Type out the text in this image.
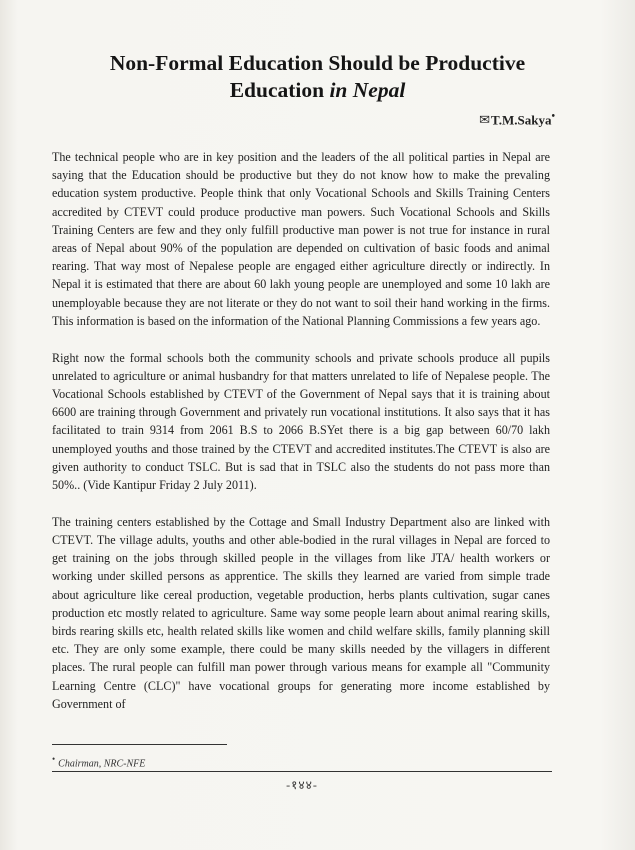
Non-Formal Education Should be Productive
Education in Nepal
✉T.M.Sakya•

The technical people who are in key position and the leaders of the all political parties in Nepal are saying that the Education should be productive but they do not know how to make the prevaling education system productive. People think that only Vocational Schools and Skills Training Centers accredited by CTEVT could produce productive man powers. Such Vocational Schools and Skills Training Centers are few and they only fulfill productive man power is not true for instance in rural areas of Nepal about 90% of the population are depended on cultivation of basic foods and animal rearing. That way most of Nepalese people are engaged either agriculture directly or indirectly. In Nepal it is estimated that there are about 60 lakh young people are unemployed and some 10 lakh are unemployable because they are not literate or they do not want to soil their hand working in the firms. This information is based on the information of the National Planning Commissions a few years ago.

Right now the formal schools both the community schools and private schools produce all pupils unrelated to agriculture or animal husbandry for that matters unrelated to life of Nepalese people. The Vocational Schools established by CTEVT of the Government of Nepal says that it is training about 6600 are training through Government and privately run vocational institutions. It also says that it has facilitated to train 9314 from 2061 B.S to 2066 B.SYet there is a big gap between 60/70 lakh unemployed youths and those trained by the CTEVT and accredited institutes.The CTEVT is also are given authority to conduct TSLC. But is sad that in TSLC also the students do not pass more than 50%.. (Vide Kantipur Friday 2 July 2011).

The training centers established by the Cottage and Small Industry Department also are linked with CTEVT. The village adults, youths and other able-bodied in the rural villages in Nepal are forced to get training on the jobs through skilled people in the villages from like JTA/ health workers or working under skilled persons as apprentice. The skills they learned are varied from simple trade about agriculture like cereal production, vegetable production, herbs plants cultivation, sugar canes production etc mostly related to agriculture. Same way some people learn about animal rearing skills, birds rearing skills etc, health related skills like women and child welfare skills, family planning skill etc. They are only some example, there could be many skills needed by the villagers in different places. The rural people can fulfill man power through various means for example all "Community Learning Centre (CLC)" have vocational groups for generating more income established by Government of

• Chairman, NRC-NFE
-१४४-
